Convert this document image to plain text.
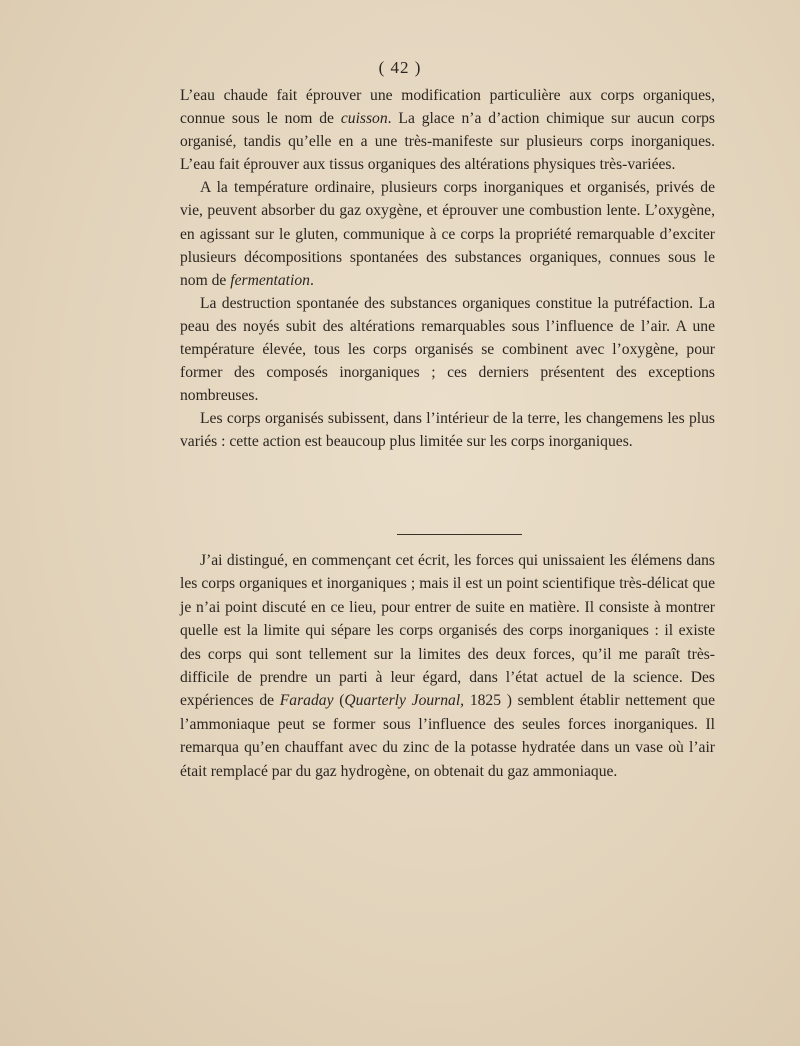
( 42 )

L’eau chaude fait éprouver une modification particulière aux corps organiques, connue sous le nom de cuisson. La glace n’a d’action chimique sur aucun corps organisé, tandis qu’elle en a une très-manifeste sur plusieurs corps inorganiques. L’eau fait éprouver aux tissus organiques des altérations physiques très-variées.

A la température ordinaire, plusieurs corps inorganiques et organisés, privés de vie, peuvent absorber du gaz oxygène, et éprouver une combustion lente. L’oxygène, en agissant sur le gluten, communique à ce corps la propriété remarquable d’exciter plusieurs décompositions spontanées des substances organiques, connues sous le nom de fermentation.

La destruction spontanée des substances organiques constitue la putréfaction. La peau des noyés subit des altérations remarquables sous l’influence de l’air. A une température élevée, tous les corps organisés se combinent avec l’oxygène, pour former des composés inorganiques ; ces derniers présentent des exceptions nombreuses.

Les corps organisés subissent, dans l’intérieur de la terre, les changemens les plus variés : cette action est beaucoup plus limitée sur les corps inorganiques.

J’ai distingué, en commençant cet écrit, les forces qui unissaient les élémens dans les corps organiques et inorganiques ; mais il est un point scientifique très-délicat que je n’ai point discuté en ce lieu, pour entrer de suite en matière. Il consiste à montrer quelle est la limite qui sépare les corps organisés des corps inorganiques : il existe des corps qui sont tellement sur la limites des deux forces, qu’il me paraît très-difficile de prendre un parti à leur égard, dans l’état actuel de la science. Des expériences de Faraday (Quarterly Journal, 1825 ) semblent établir nettement que l’ammoniaque peut se former sous l’influence des seules forces inorganiques. Il remarqua qu’en chauffant avec du zinc de la potasse hydratée dans un vase où l’air était remplacé par du gaz hydrogène, on obtenait du gaz ammoniaque.
